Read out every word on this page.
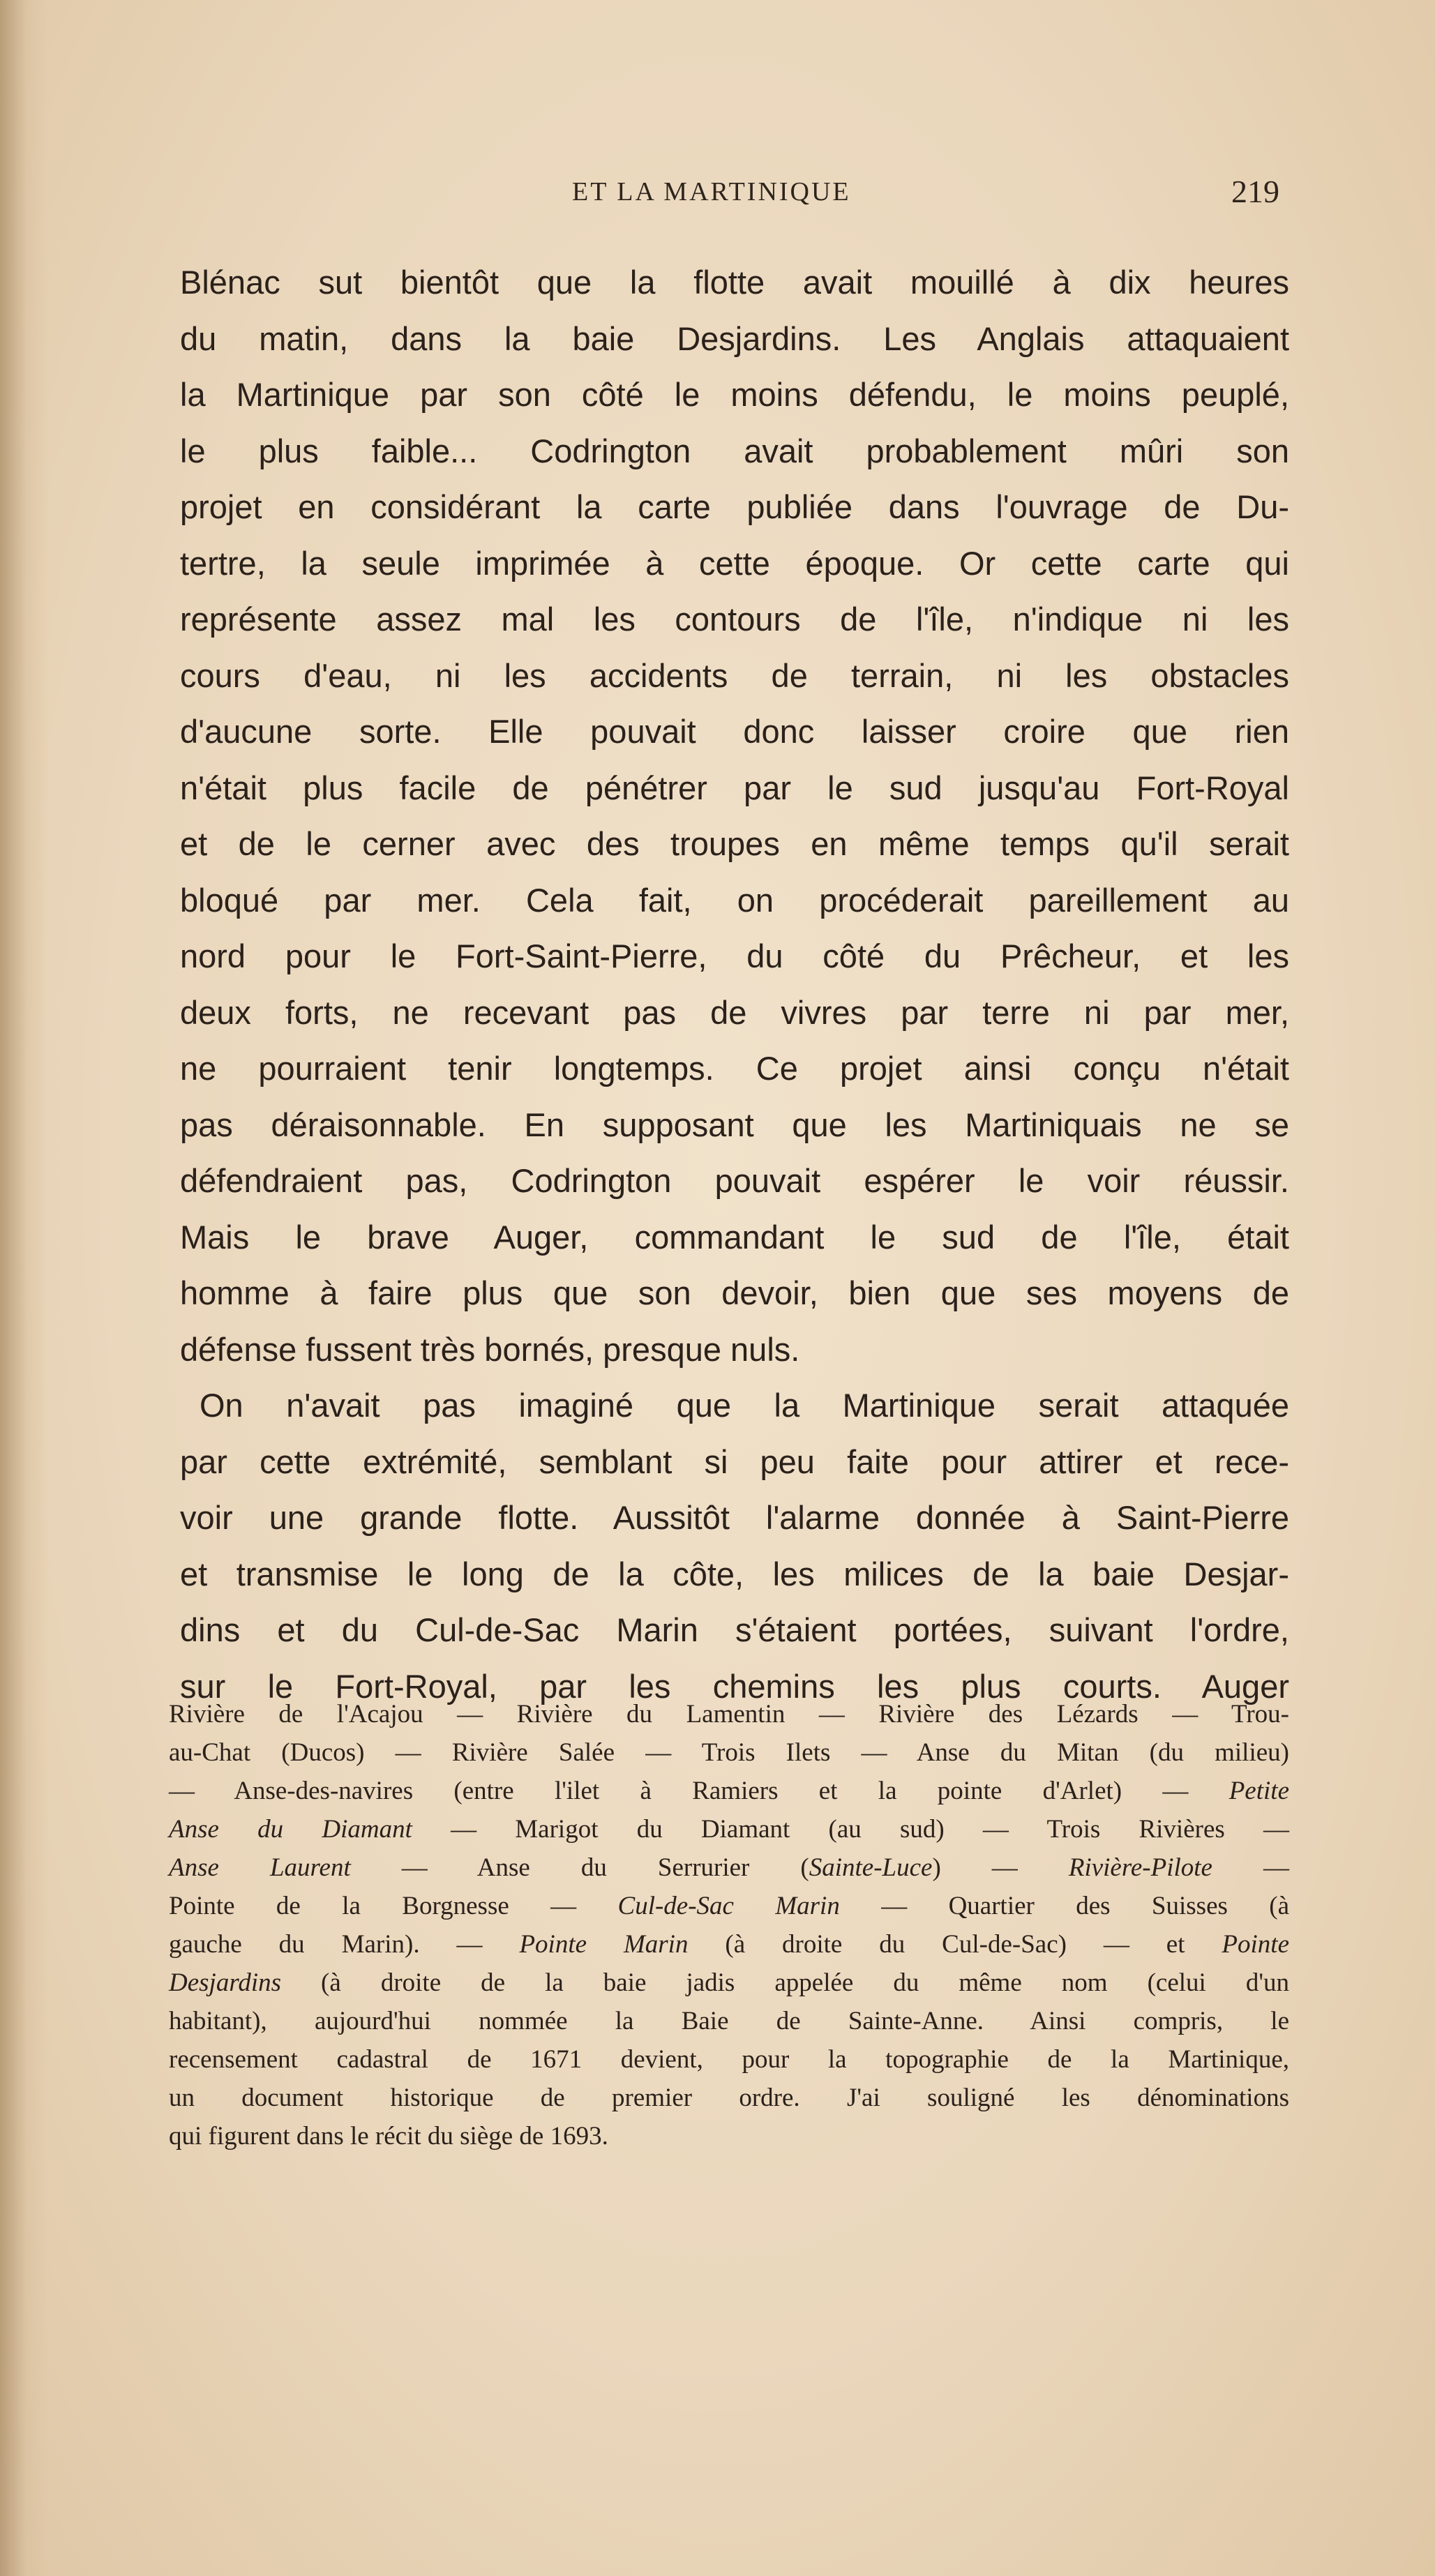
ET LA MARTINIQUE	219
Blénac sut bientôt que la flotte avait mouillé à dix heures
du matin, dans la baie Desjardins. Les Anglais attaquaient
la Martinique par son côté le moins défendu, le moins peuplé,
le plus faible... Codrington avait probablement mûri son
projet en considérant la carte publiée dans l'ouvrage de Du-
tertre, la seule imprimée à cette époque. Or cette carte qui
représente assez mal les contours de l'île, n'indique ni les
cours d'eau, ni les accidents de terrain, ni les obstacles
d'aucune sorte. Elle pouvait donc laisser croire que rien
n'était plus facile de pénétrer par le sud jusqu'au Fort-Royal
et de le cerner avec des troupes en même temps qu'il serait
bloqué par mer. Cela fait, on procéderait pareillement au
nord pour le Fort-Saint-Pierre, du côté du Prêcheur, et les
deux forts, ne recevant pas de vivres par terre ni par mer,
ne pourraient tenir longtemps. Ce projet ainsi conçu n'était
pas déraisonnable. En supposant que les Martiniquais ne se
défendraient pas, Codrington pouvait espérer le voir réussir.
Mais le brave Auger, commandant le sud de l'île, était
homme à faire plus que son devoir, bien que ses moyens de
défense fussent très bornés, presque nuls.
On n'avait pas imaginé que la Martinique serait attaquée
par cette extrémité, semblant si peu faite pour attirer et rece-
voir une grande flotte. Aussitôt l'alarme donnée à Saint-Pierre
et transmise le long de la côte, les milices de la baie Desjar-
dins et du Cul-de-Sac Marin s'étaient portées, suivant l'ordre,
sur le Fort-Royal, par les chemins les plus courts. Auger
Rivière de l'Acajou — Rivière du Lamentin — Rivière des Lézards — Trou-
au-Chat (Ducos) — Rivière Salée — Trois Ilets — Anse du Mitan (du milieu)
— Anse-des-navires (entre l'ilet à Ramiers et la pointe d'Arlet) — Petite
Anse du Diamant — Marigot du Diamant (au sud) — Trois Rivières —
Anse Laurent — Anse du Serrurier (Sainte-Luce) — Rivière-Pilote —
Pointe de la Borgnesse — Cul-de-Sac Marin — Quartier des Suisses (à
gauche du Marin). — Pointe Marin (à droite du Cul-de-Sac) — et Pointe
Desjardins (à droite de la baie jadis appelée du même nom (celui d'un
habitant), aujourd'hui nommée la Baie de Sainte-Anne. Ainsi compris, le
recensement cadastral de 1671 devient, pour la topographie de la Martinique,
un document historique de premier ordre. J'ai souligné les dénominations
qui figurent dans le récit du siège de 1693.
